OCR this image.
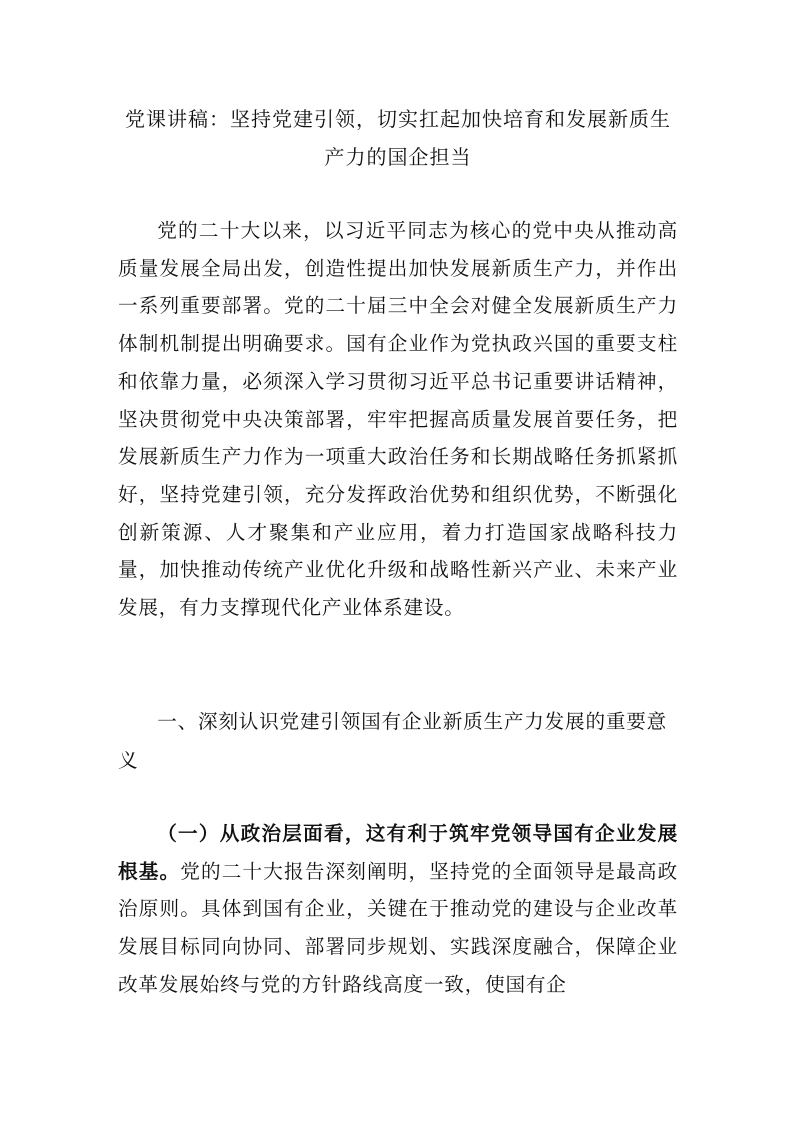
党课讲稿：坚持党建引领，切实扛起加快培育和发展新质生产力的国企担当
党的二十大以来，以习近平同志为核心的党中央从推动高质量发展全局出发，创造性提出加快发展新质生产力，并作出一系列重要部署。党的二十届三中全会对健全发展新质生产力体制机制提出明确要求。国有企业作为党执政兴国的重要支柱和依靠力量，必须深入学习贯彻习近平总书记重要讲话精神，坚决贯彻党中央决策部署，牢牢把握高质量发展首要任务，把发展新质生产力作为一项重大政治任务和长期战略任务抓紧抓好，坚持党建引领，充分发挥政治优势和组织优势，不断强化创新策源、人才聚集和产业应用，着力打造国家战略科技力量，加快推动传统产业优化升级和战略性新兴产业、未来产业发展，有力支撑现代化产业体系建设。
一、深刻认识党建引领国有企业新质生产力发展的重要意义
（一）从政治层面看，这有利于筑牢党领导国有企业发展根基。党的二十大报告深刻阐明，坚持党的全面领导是最高政治原则。具体到国有企业，关键在于推动党的建设与企业改革发展目标同向协同、部署同步规划、实践深度融合，保障企业改革发展始终与党的方针路线高度一致，使国有企
